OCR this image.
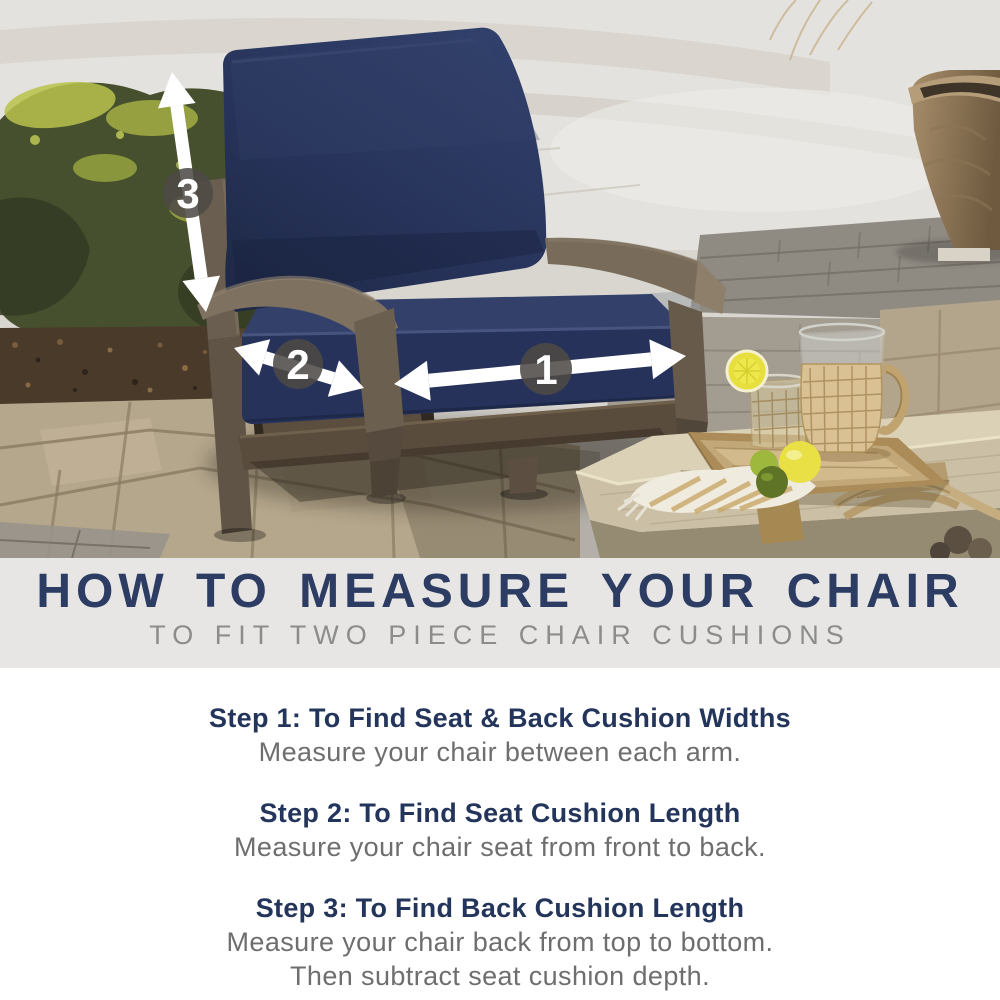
3
2	1
HOW TO MEASURE YOUR CHAIR
TO FIT TWO PIECE CHAIR CUSHIONS
Step 1: To Find Seat & Back Cushion Widths

Measure your chair between each arm.

Step 2: To Find Seat Cushion Length

Measure your chair seat from front to back.

Step 3: To Find Back Cushion Length

Measure your chair back from top to bottom.

Then subtract seat cushion depth.
